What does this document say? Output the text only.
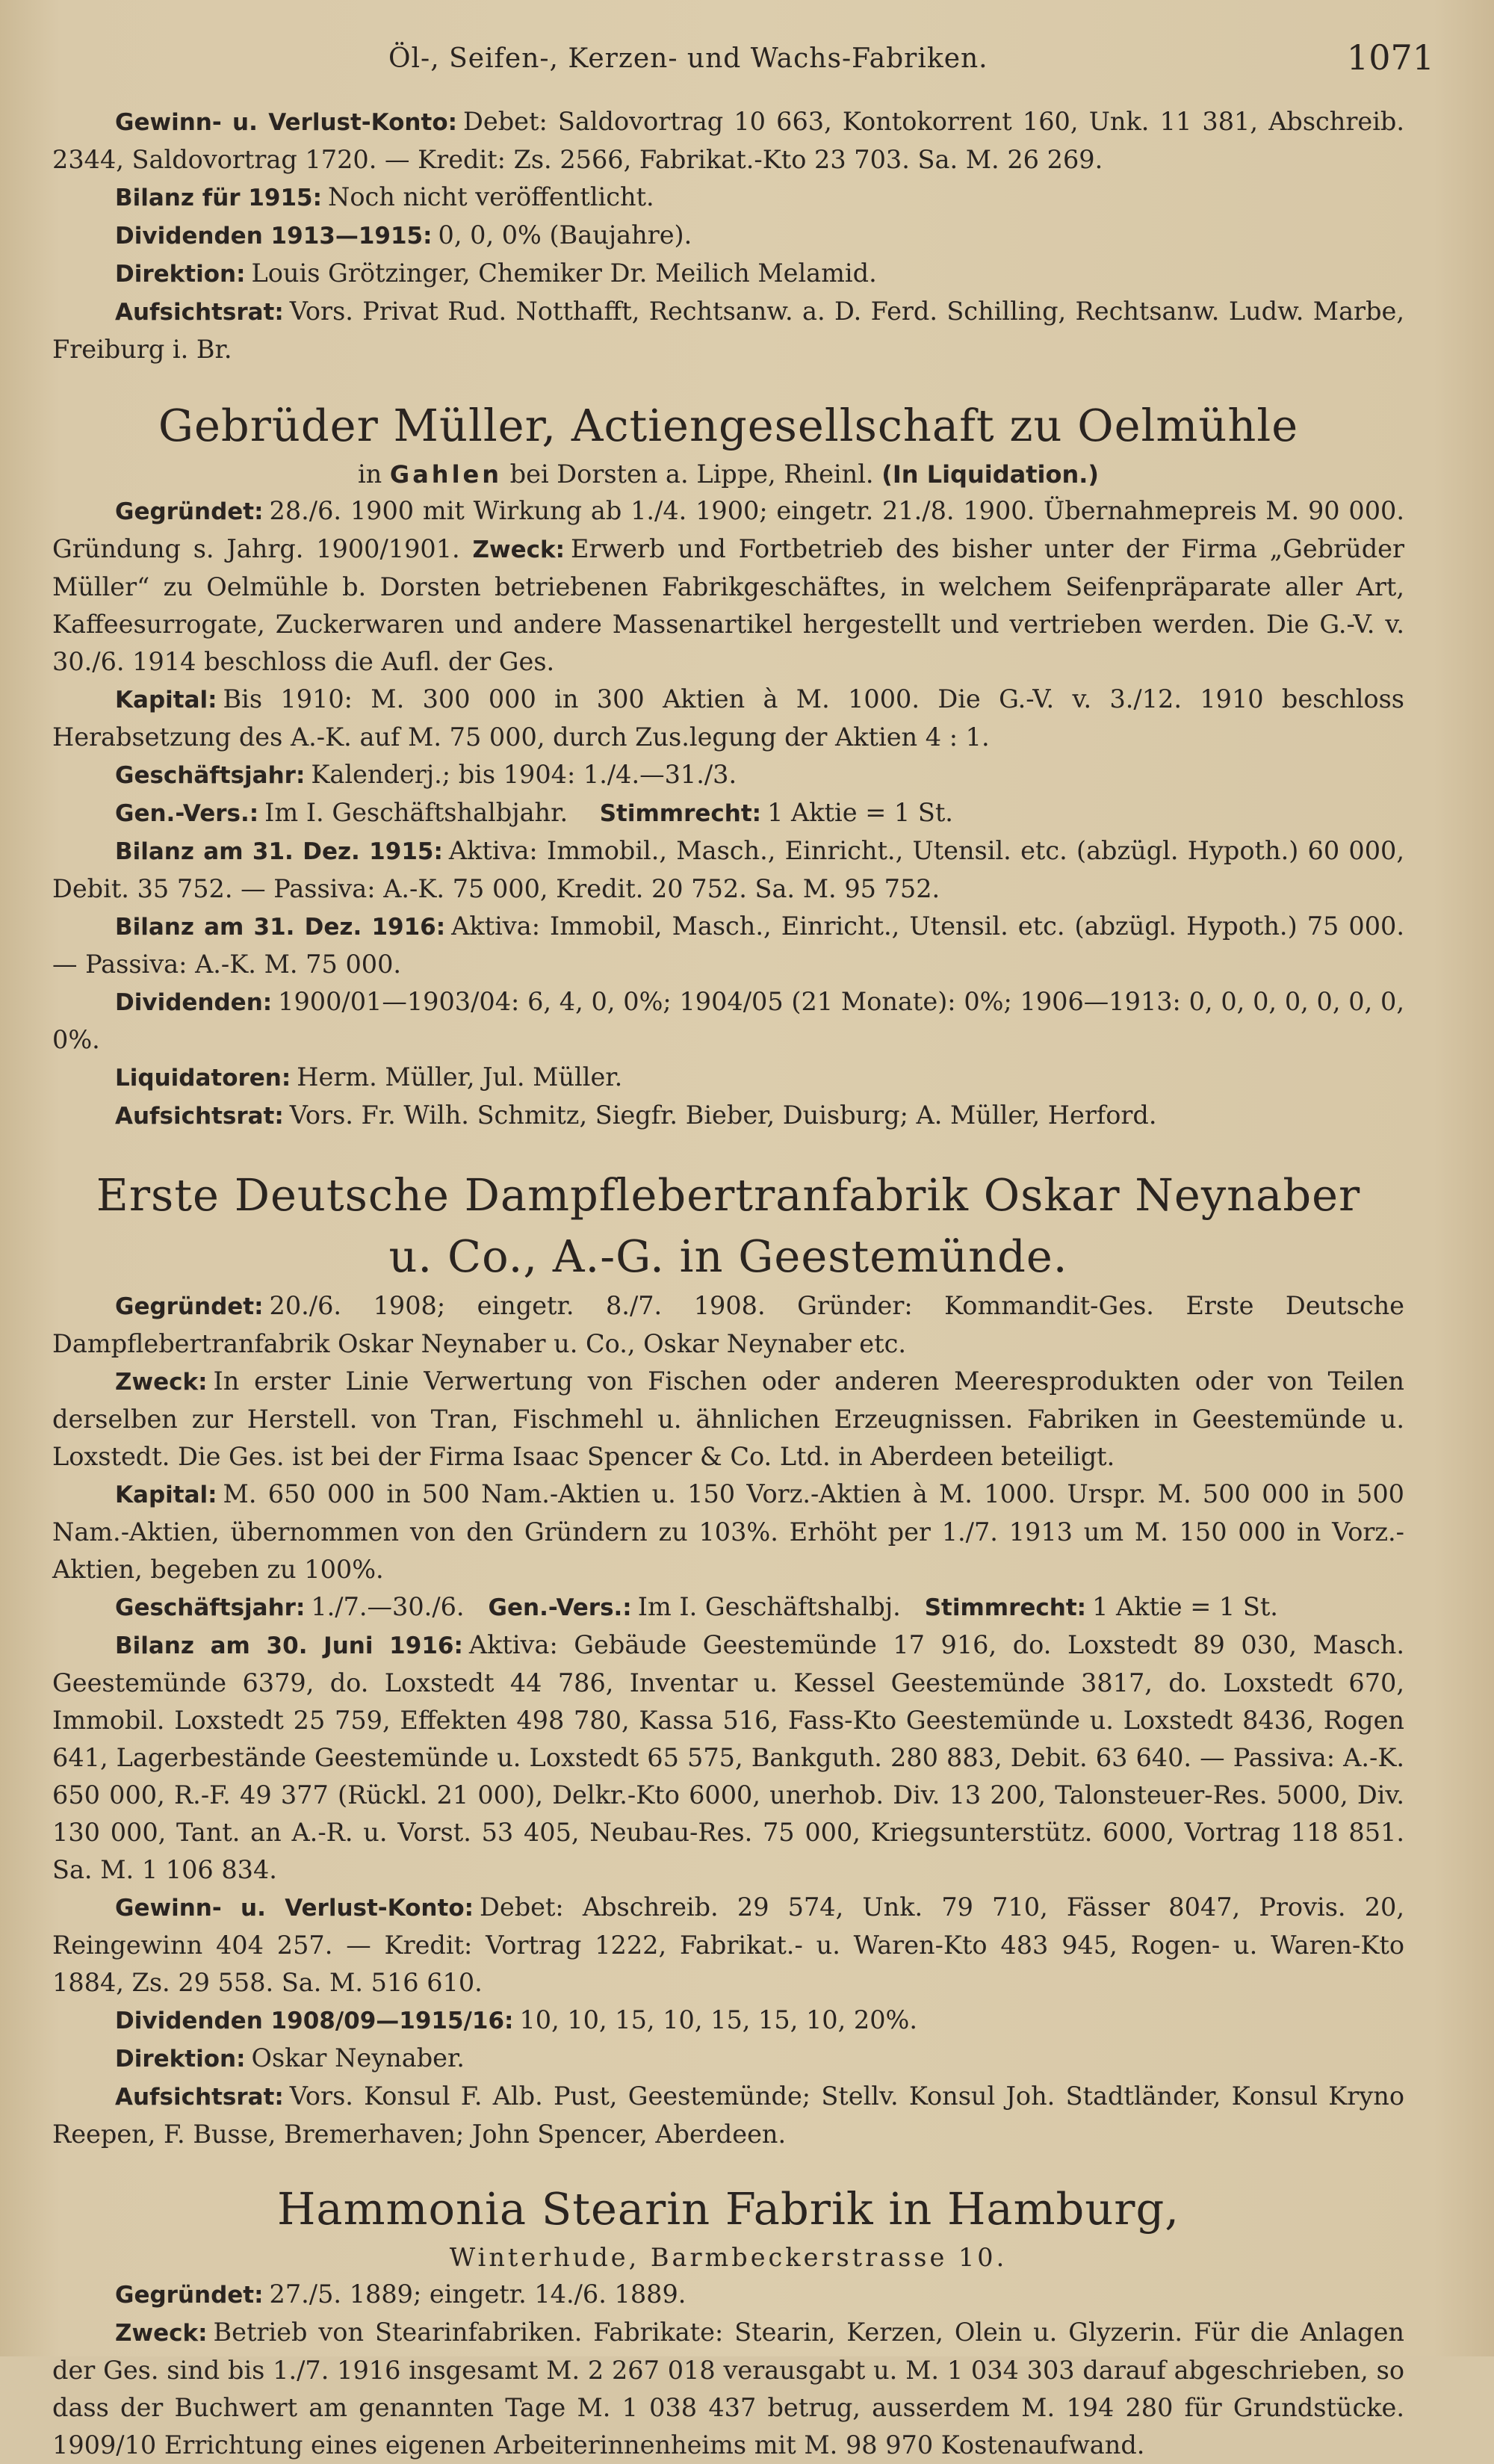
Öl-, Seifen-, Kerzen- und Wachs-Fabriken.	1071

Gewinn- u. Verlust-Konto: Debet: Saldovortrag 10 663, Kontokorrent 160, Unk. 11 381, Abschreib. 2344, Saldovortrag 1720. — Kredit: Zs. 2566, Fabrikat.-Kto 23 703. Sa. M. 26 269.

Bilanz für 1915: Noch nicht veröffentlicht.

Dividenden 1913—1915: 0, 0, 0% (Baujahre).

Direktion: Louis Grötzinger, Chemiker Dr. Meilich Melamid.

Aufsichtsrat: Vors. Privat Rud. Notthafft, Rechtsanw. a. D. Ferd. Schilling, Rechtsanw. Ludw. Marbe, Freiburg i. Br.

Gebrüder Müller, Actiengesellschaft zu Oelmühle

in Gahlen bei Dorsten a. Lippe, Rheinl. (In Liquidation.)

Gegründet: 28./6. 1900 mit Wirkung ab 1./4. 1900; eingetr. 21./8. 1900. Übernahmepreis M. 90 000. Gründung s. Jahrg. 1900/1901. Zweck: Erwerb und Fortbetrieb des bisher unter der Firma „Gebrüder Müller“ zu Oelmühle b. Dorsten betriebenen Fabrikgeschäftes, in welchem Seifenpräparate aller Art, Kaffeesurrogate, Zuckerwaren und andere Massenartikel hergestellt und vertrieben werden. Die G.-V. v. 30./6. 1914 beschloss die Aufl. der Ges.

Kapital: Bis 1910: M. 300 000 in 300 Aktien à M. 1000. Die G.-V. v. 3./12. 1910 beschloss Herabsetzung des A.-K. auf M. 75 000, durch Zus.legung der Aktien 4 : 1.

Geschäftsjahr: Kalenderj.; bis 1904: 1./4.—31./3.

Gen.-Vers.: Im I. Geschäftshalbjahr. Stimmrecht: 1 Aktie = 1 St.

Bilanz am 31. Dez. 1915: Aktiva: Immobil., Masch., Einricht., Utensil. etc. (abzügl. Hypoth.) 60 000, Debit. 35 752. — Passiva: A.-K. 75 000, Kredit. 20 752. Sa. M. 95 752.

Bilanz am 31. Dez. 1916: Aktiva: Immobil, Masch., Einricht., Utensil. etc. (abzügl. Hypoth.) 75 000. — Passiva: A.-K. M. 75 000.

Dividenden: 1900/01—1903/04: 6, 4, 0, 0%; 1904/05 (21 Monate): 0%; 1906—1913: 0, 0, 0, 0, 0, 0, 0, 0%.

Liquidatoren: Herm. Müller, Jul. Müller.

Aufsichtsrat: Vors. Fr. Wilh. Schmitz, Siegfr. Bieber, Duisburg; A. Müller, Herford.

Erste Deutsche Dampflebertranfabrik Oskar Neynaber
u. Co., A.-G. in Geestemünde.

Gegründet: 20./6. 1908; eingetr. 8./7. 1908. Gründer: Kommandit-Ges. Erste Deutsche Dampflebertranfabrik Oskar Neynaber u. Co., Oskar Neynaber etc.

Zweck: In erster Linie Verwertung von Fischen oder anderen Meeresprodukten oder von Teilen derselben zur Herstell. von Tran, Fischmehl u. ähnlichen Erzeugnissen. Fabriken in Geestemünde u. Loxstedt. Die Ges. ist bei der Firma Isaac Spencer & Co. Ltd. in Aberdeen beteiligt.

Kapital: M. 650 000 in 500 Nam.-Aktien u. 150 Vorz.-Aktien à M. 1000. Urspr. M. 500 000 in 500 Nam.-Aktien, übernommen von den Gründern zu 103%. Erhöht per 1./7. 1913 um M. 150 000 in Vorz.-Aktien, begeben zu 100%.

Geschäftsjahr: 1./7.—30./6. Gen.-Vers.: Im I. Geschäftshalbj. Stimmrecht: 1 Aktie = 1 St.

Bilanz am 30. Juni 1916: Aktiva: Gebäude Geestemünde 17 916, do. Loxstedt 89 030, Masch. Geestemünde 6379, do. Loxstedt 44 786, Inventar u. Kessel Geestemünde 3817, do. Loxstedt 670, Immobil. Loxstedt 25 759, Effekten 498 780, Kassa 516, Fass-Kto Geestemünde u. Loxstedt 8436, Rogen 641, Lagerbestände Geestemünde u. Loxstedt 65 575, Bankguth. 280 883, Debit. 63 640. — Passiva: A.-K. 650 000, R.-F. 49 377 (Rückl. 21 000), Delkr.-Kto 6000, unerhob. Div. 13 200, Talonsteuer-Res. 5000, Div. 130 000, Tant. an A.-R. u. Vorst. 53 405, Neubau-Res. 75 000, Kriegsunterstütz. 6000, Vortrag 118 851. Sa. M. 1 106 834.

Gewinn- u. Verlust-Konto: Debet: Abschreib. 29 574, Unk. 79 710, Fässer 8047, Provis. 20, Reingewinn 404 257. — Kredit: Vortrag 1222, Fabrikat.- u. Waren-Kto 483 945, Rogen- u. Waren-Kto 1884, Zs. 29 558. Sa. M. 516 610.

Dividenden 1908/09—1915/16: 10, 10, 15, 10, 15, 15, 10, 20%.

Direktion: Oskar Neynaber.

Aufsichtsrat: Vors. Konsul F. Alb. Pust, Geestemünde; Stellv. Konsul Joh. Stadtländer, Konsul Kryno Reepen, F. Busse, Bremerhaven; John Spencer, Aberdeen.

Hammonia Stearin Fabrik in Hamburg,

Winterhude, Barmbeckerstrasse 10.

Gegründet: 27./5. 1889; eingetr. 14./6. 1889.

Zweck: Betrieb von Stearinfabriken. Fabrikate: Stearin, Kerzen, Olein u. Glyzerin. Für die Anlagen der Ges. sind bis 1./7. 1916 insgesamt M. 2 267 018 verausgabt u. M. 1 034 303 darauf abgeschrieben, so dass der Buchwert am genannten Tage M. 1 038 437 betrug, ausserdem M. 194 280 für Grundstücke. 1909/10 Errichtung eines eigenen Arbeiterinnenheims mit M. 98 970 Kostenaufwand.
